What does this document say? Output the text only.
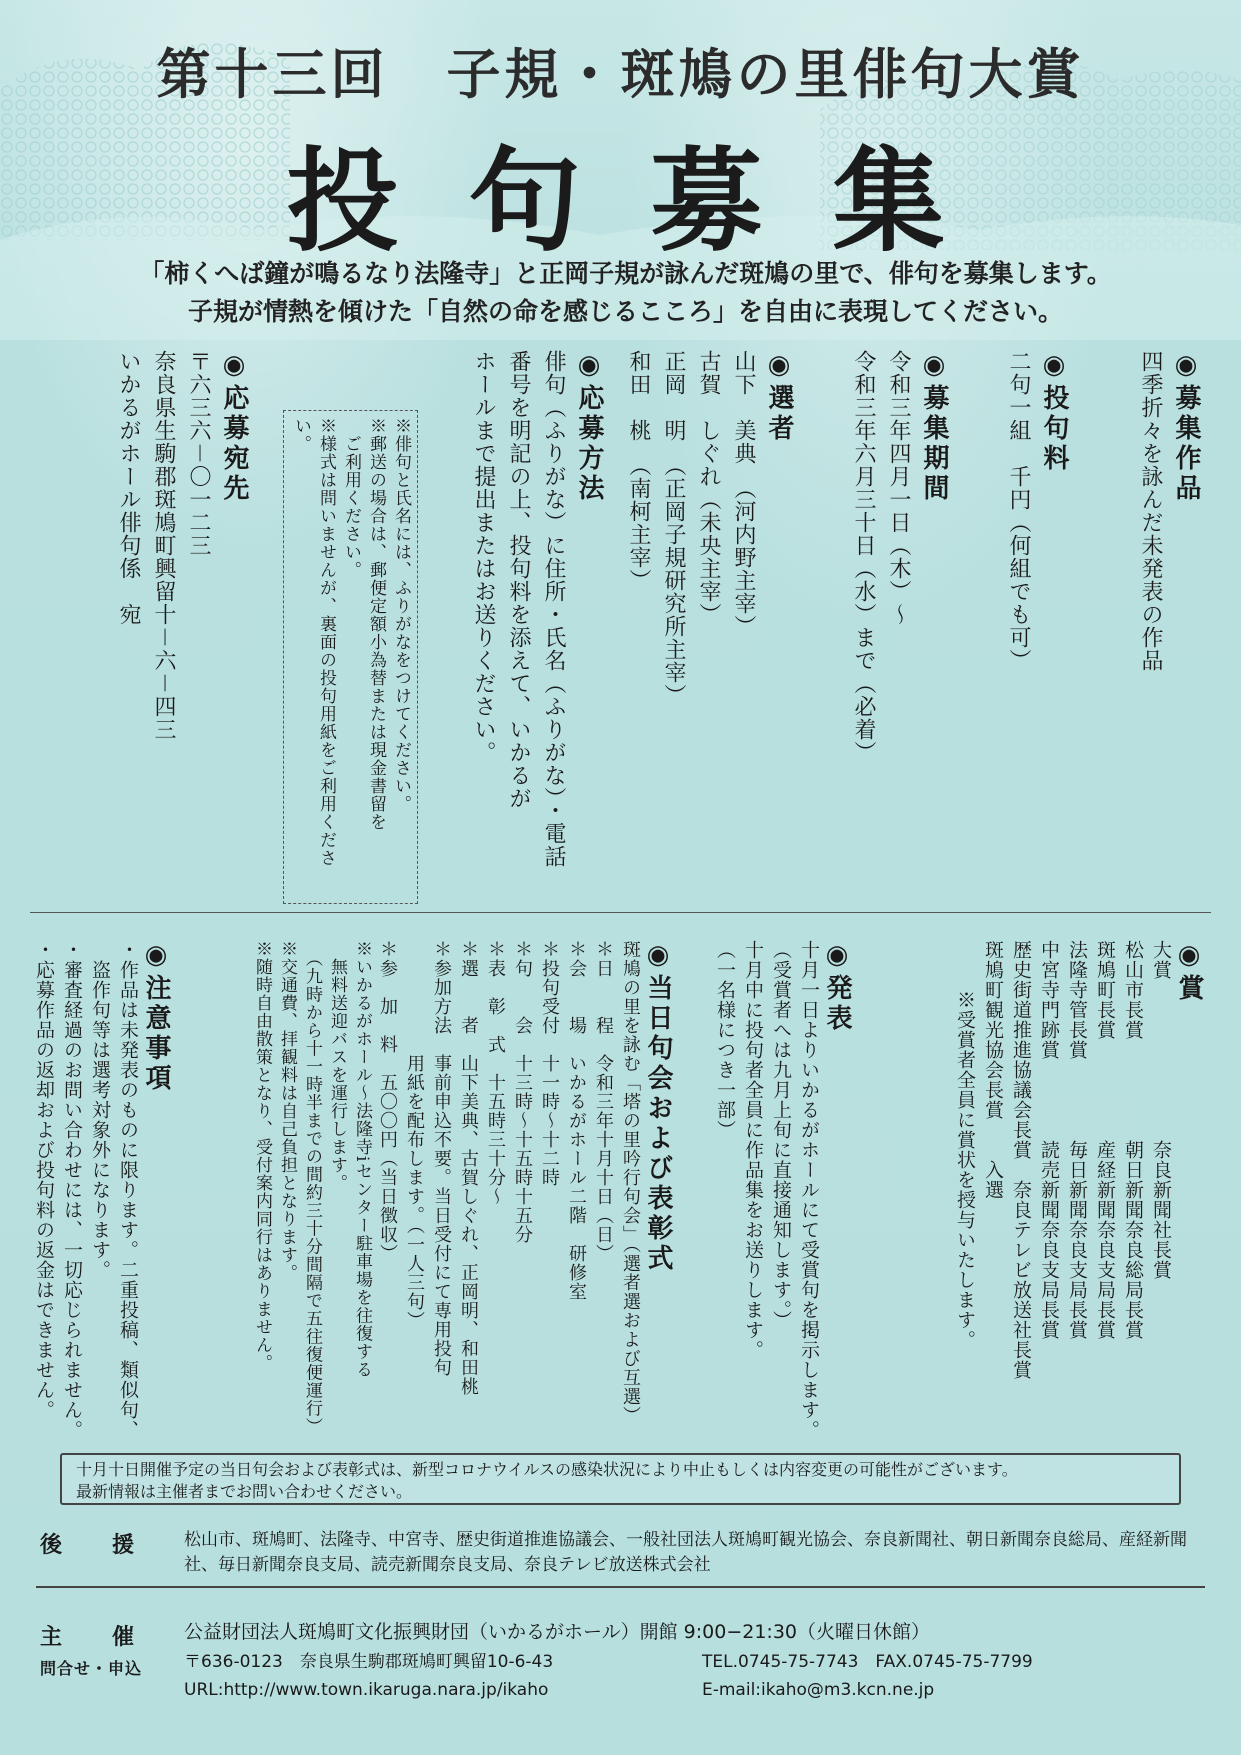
第十三回　子規・斑鳩の里俳句大賞
投句募集
「柿くへば鐘が鳴るなり法隆寺」と正岡子規が詠んだ斑鳩の里で、俳句を募集します。
子規が情熱を傾けた「自然の命を感じるこころ」を自由に表現してください。
◉募集作品
四季折々を詠んだ未発表の作品
◉投句料
二句一組　千円（何組でも可）
◉募集期間
令和三年四月一日（木）〜
令和三年六月三十日（水）まで（必着）
◉選者
山下　美典　（河内野主宰）
古賀　しぐれ（未央主宰）
正岡　明　（正岡子規研究所主宰）
和田　桃　（南柯主宰）
◉応募方法
俳句（ふりがな）に住所・氏名（ふりがな）・電話
番号を明記の上、投句料を添えて、いかるが
ホールまで提出またはお送りください。
※俳句と氏名には、ふりがなをつけてください。
※郵送の場合は、郵便定額小為替または現金書留を
　ご利用ください。
※様式は問いませんが、裏面の投句用紙をご利用ください。
◉応募宛先
〒六三六－〇一二三
奈良県生駒郡斑鳩町興留十－六－四三
いかるがホール俳句係　宛
◉賞
大賞　　　　　　　　奈良新聞社長賞
松山市長賞　　　　　朝日新聞奈良総局長賞
斑鳩町長賞　　　　　産経新聞奈良支局長賞
法隆寺管長賞　　　　毎日新聞奈良支局長賞
中宮寺門跡賞　　　　読売新聞奈良支局長賞
歴史街道推進協議会長賞　奈良テレビ放送社長賞
斑鳩町観光協会長賞　　入選
※受賞者全員に賞状を授与いたします。
◉発表
十月一日よりいかるがホールにて受賞句を掲示します。
（受賞者へは九月上旬に直接通知します。）
十月中に投句者全員に作品集をお送りします。
（一名様につき一部）
◉当日句会および表彰式
斑鳩の里を詠む「塔の里吟行句会」（選者選および互選）
＊日　　程　令和三年十月十日（日）
＊会　　場　いかるがホール二階　研修室
＊投句受付　十一時〜十二時
＊句　　会　十三時〜十五時十五分
＊表　彰　式　十五時三十分〜
＊選　　者　山下美典、古賀しぐれ、正岡明、和田桃
＊参加方法　事前申込不要。当日受付にて専用投句
　　　　　　用紙を配布します。（一人三句）
＊参　加　料　五〇〇円（当日徴収）
※いかるがホール〜法隆寺iセンター駐車場を往復する
　無料送迎バスを運行します。
　（九時から十一時半までの間約三十分間隔で五往復便運行）
※交通費、拝観料は自己負担となります。
※随時自由散策となり、受付案内同行はありません。
◉注意事項
・作品は未発表のものに限ります。二重投稿、類似句、
　盗作句等は選考対象外になります。
・審査経過のお問い合わせには、一切応じられません。
・応募作品の返却および投句料の返金はできません。
十月十日開催予定の当日句会および表彰式は、新型コロナウイルスの感染状況により中止もしくは内容変更の可能性がございます。
最新情報は主催者までお問い合わせください。
後　援 松山市、斑鳩町、法隆寺、中宮寺、歴史街道推進協議会、一般社団法人斑鳩町観光協会、奈良新聞社、朝日新聞奈良総局、産経新聞社、毎日新聞奈良支局、読売新聞奈良支局、奈良テレビ放送株式会社
主　催 公益財団法人斑鳩町文化振興財団（いかるがホール）開館 9:00−21:30（火曜日休館）
問合せ・申込 〒636-0123　奈良県生駒郡斑鳩町興留10-6-43	TEL.0745-75-7743　FAX.0745-75-7799
URL:http://www.town.ikaruga.nara.jp/ikaho	E-mail:ikaho@m3.kcn.ne.jp
